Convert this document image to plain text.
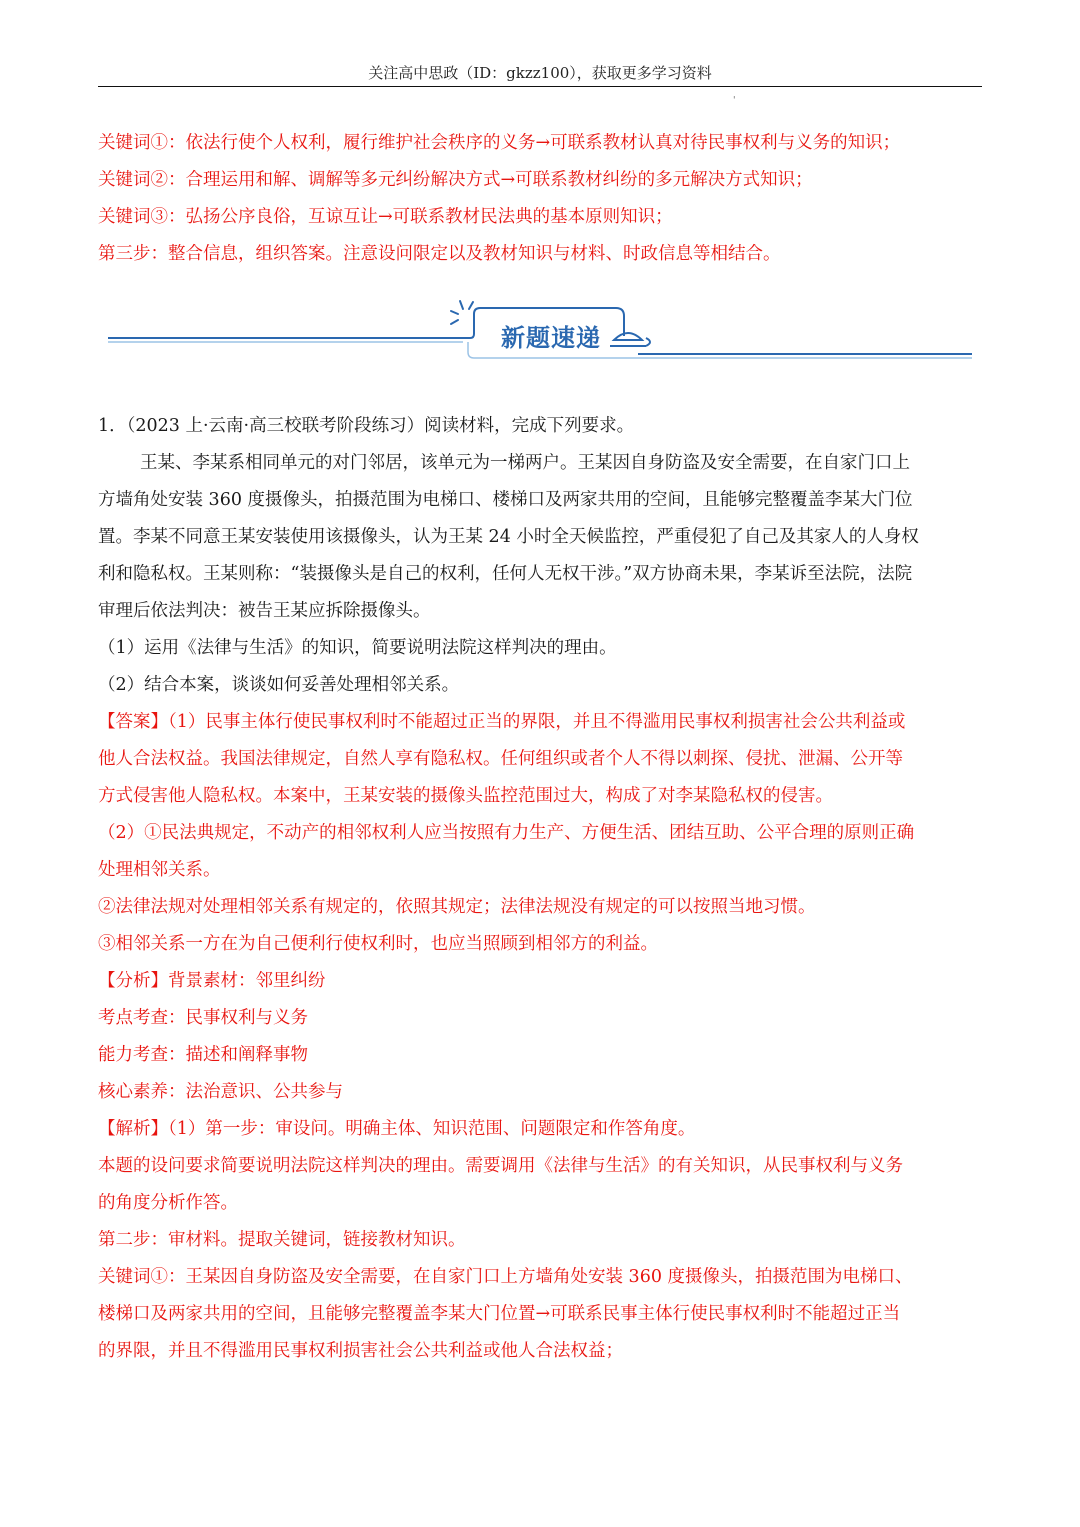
关注高中思政（ID：gkzz100），获取更多学习资料
'
关键词①：依法行使个人权利，履行维护社会秩序的义务→可联系教材认真对待民事权利与义务的知识；
关键词②：合理运用和解、调解等多元纠纷解决方式→可联系教材纠纷的多元解决方式知识；
关键词③：弘扬公序良俗，互谅互让→可联系教材民法典的基本原则知识；
第三步：整合信息，组织答案。注意设问限定以及教材知识与材料、时政信息等相结合。
新题速递
1．（2023 上·云南·高三校联考阶段练习）阅读材料，完成下列要求。
王某、李某系相同单元的对门邻居，该单元为一梯两户。王某因自身防盗及安全需要，在自家门口上
方墙角处安装 360 度摄像头，拍摄范围为电梯口、楼梯口及两家共用的空间，且能够完整覆盖李某大门位
置。李某不同意王某安装使用该摄像头，认为王某 24 小时全天候监控，严重侵犯了自己及其家人的人身权
利和隐私权。王某则称：“装摄像头是自己的权利，任何人无权干涉。”双方协商未果，李某诉至法院，法院
审理后依法判决：被告王某应拆除摄像头。
（1）运用《法律与生活》的知识，简要说明法院这样判决的理由。
（2）结合本案，谈谈如何妥善处理相邻关系。
【答案】（1）民事主体行使民事权利时不能超过正当的界限，并且不得滥用民事权利损害社会公共利益或
他人合法权益。我国法律规定，自然人享有隐私权。任何组织或者个人不得以刺探、侵扰、泄漏、公开等
方式侵害他人隐私权。本案中，王某安装的摄像头监控范围过大，构成了对李某隐私权的侵害。
（2）①民法典规定，不动产的相邻权利人应当按照有力生产、方便生活、团结互助、公平合理的原则正确
处理相邻关系。
②法律法规对处理相邻关系有规定的，依照其规定；法律法规没有规定的可以按照当地习惯。
③相邻关系一方在为自己便利行使权利时，也应当照顾到相邻方的利益。
【分析】背景素材：邻里纠纷
考点考查：民事权利与义务
能力考查：描述和阐释事物
核心素养：法治意识、公共参与
【解析】（1）第一步：审设问。明确主体、知识范围、问题限定和作答角度。
本题的设问要求简要说明法院这样判决的理由。需要调用《法律与生活》的有关知识，从民事权利与义务
的角度分析作答。
第二步：审材料。提取关键词，链接教材知识。
关键词①：王某因自身防盗及安全需要，在自家门口上方墙角处安装 360 度摄像头，拍摄范围为电梯口、
楼梯口及两家共用的空间，且能够完整覆盖李某大门位置→可联系民事主体行使民事权利时不能超过正当
的界限，并且不得滥用民事权利损害社会公共利益或他人合法权益；
